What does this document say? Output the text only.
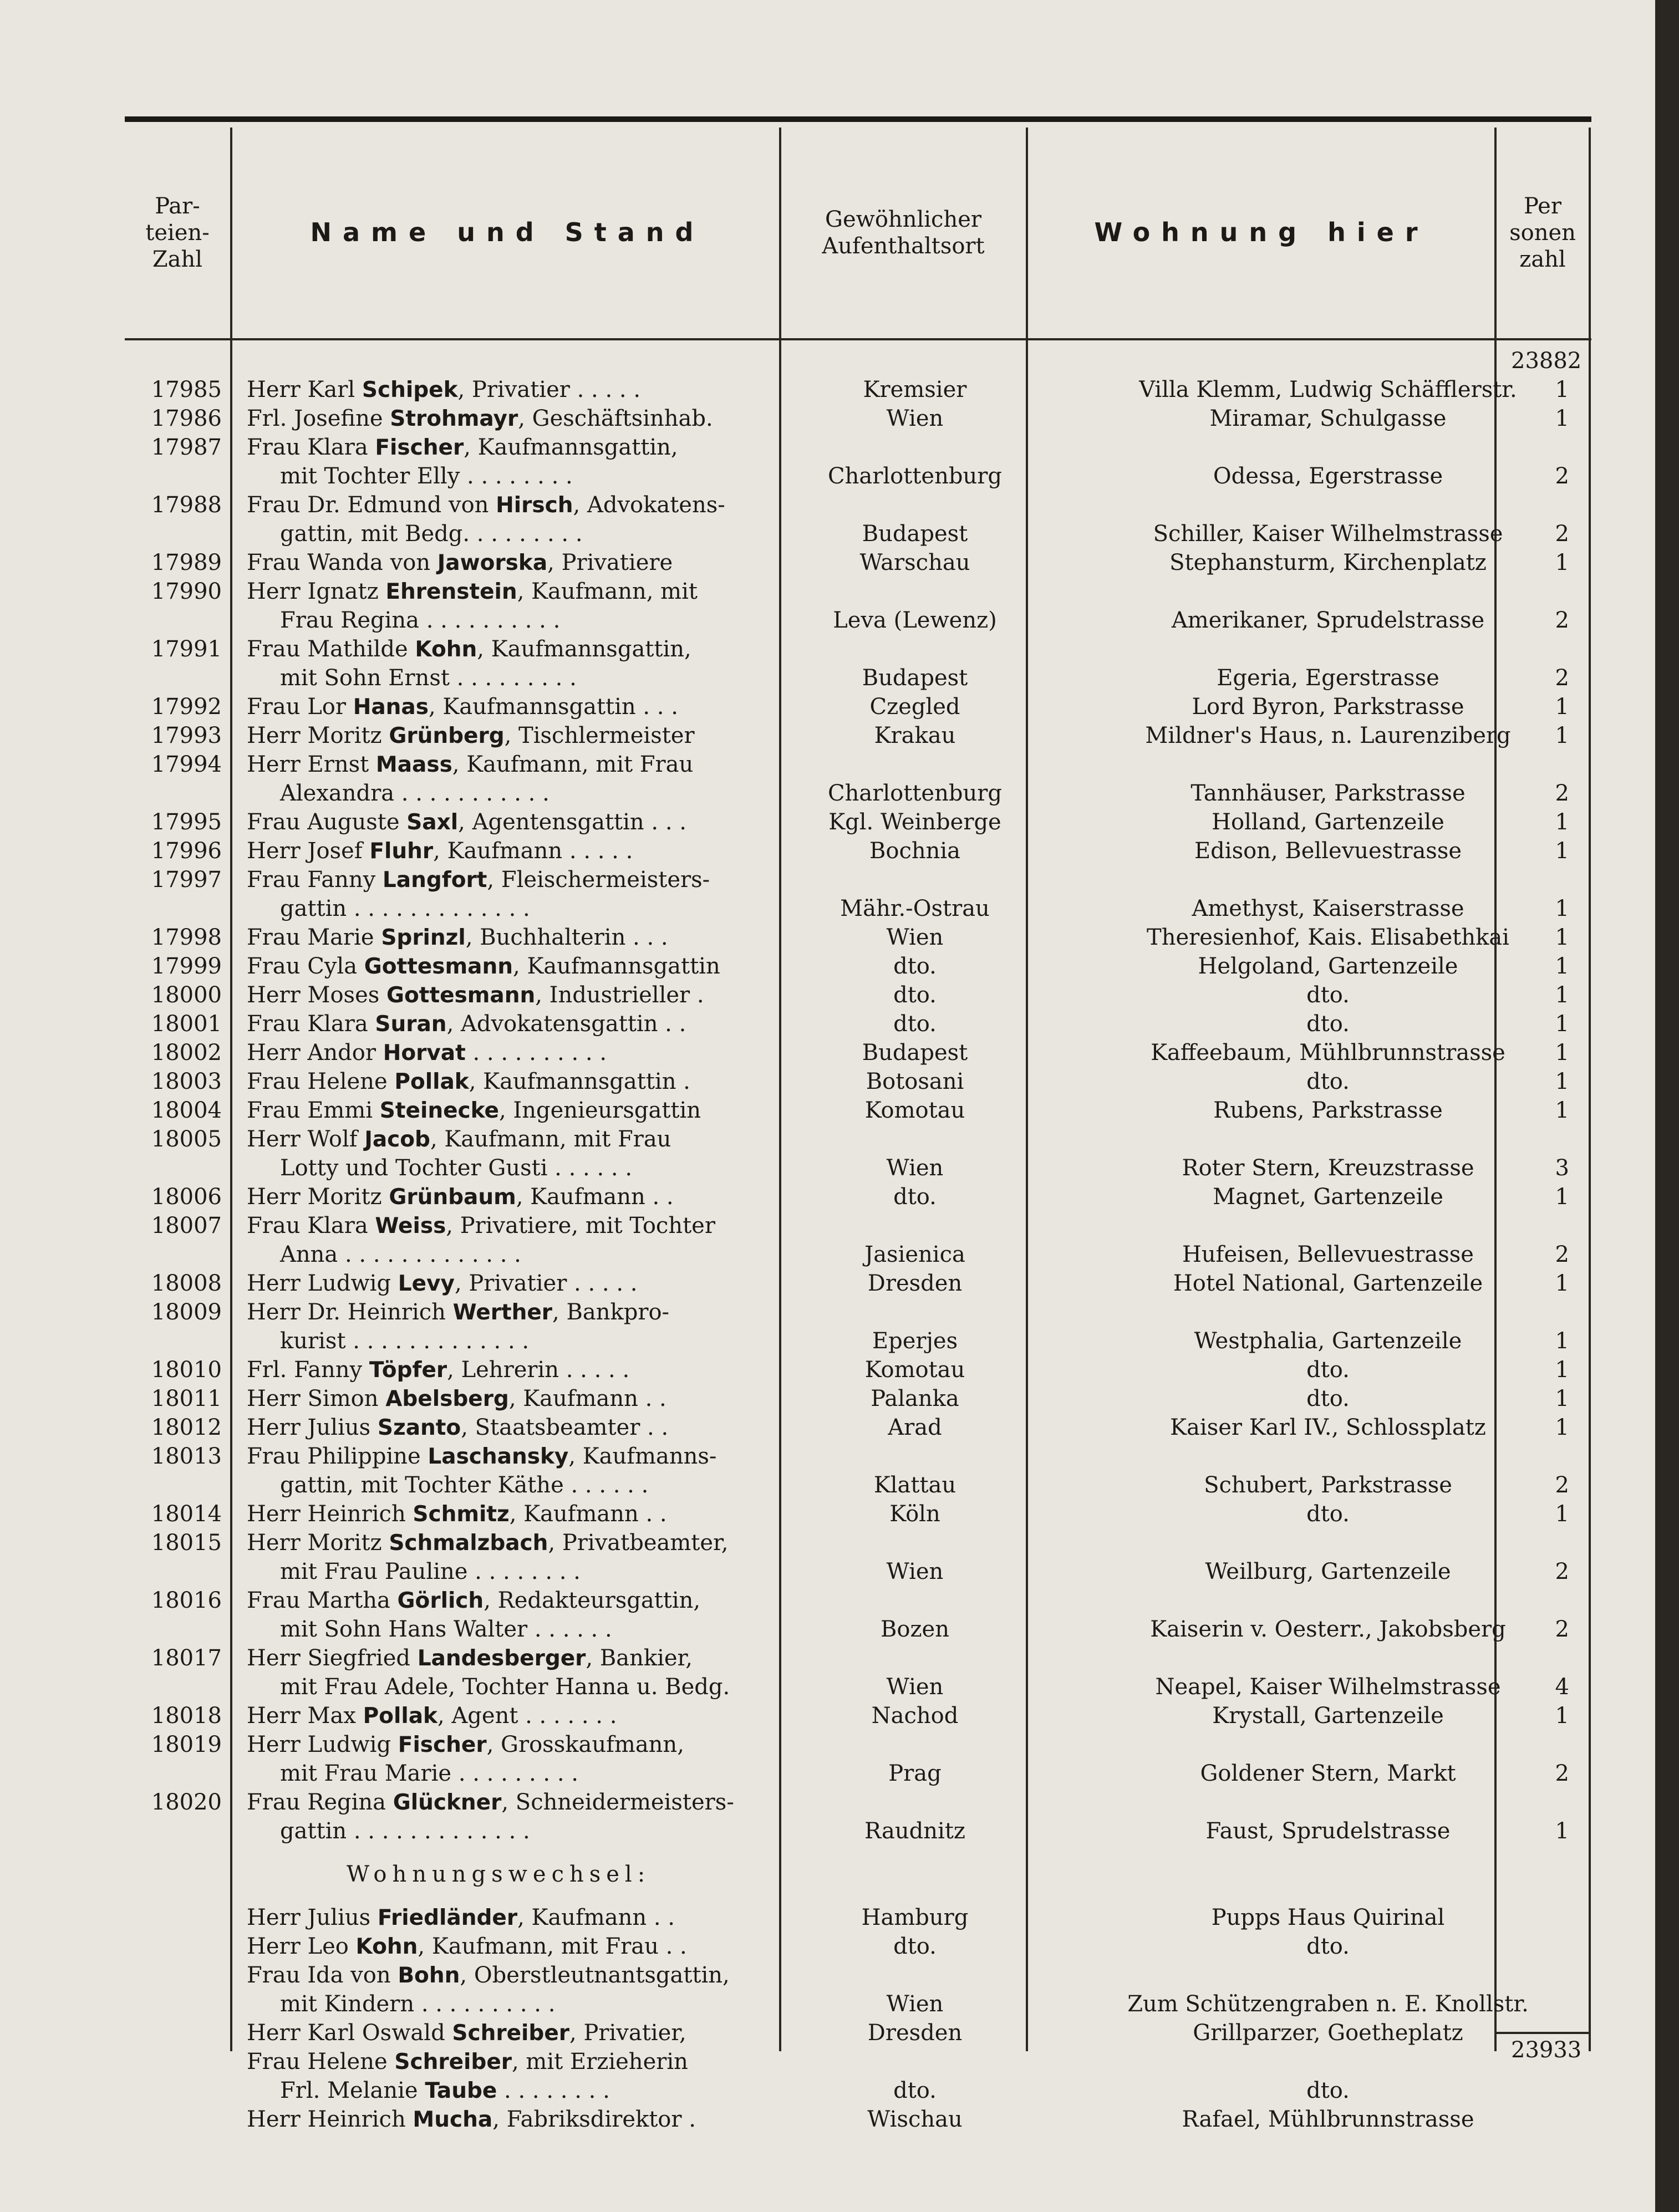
Par-
teien-
Zahl
Name und Stand	Gewöhnlicher
Aufenthaltsort	Wohnung hier
Per
sonen
zahl
23882
17985 Herr Karl Schipek, Privatier . . . . .	Kremsier	Villa Klemm, Ludwig Schäfflerstr.	1
17986 Frl. Josefine Strohmayr, Geschäftsinhab.	Wien	Miramar, Schulgasse	1
17987 Frau Klara Fischer, Kaufmannsgattin,
mit Tochter Elly . . . . . . . .	Charlottenburg	Odessa, Egerstrasse	2
17988 Frau Dr. Edmund von Hirsch, Advokatens-
gattin, mit Bedg. . . . . . . . .	Budapest	Schiller, Kaiser Wilhelmstrasse	2
17989 Frau Wanda von Jaworska, Privatiere	Warschau	Stephansturm, Kirchenplatz	1
17990 Herr Ignatz Ehrenstein, Kaufmann, mit
Frau Regina . . . . . . . . . .	Leva (Lewenz)	Amerikaner, Sprudelstrasse	2
17991 Frau Mathilde Kohn, Kaufmannsgattin,
mit Sohn Ernst . . . . . . . . .	Budapest	Egeria, Egerstrasse	2
17992 Frau Lor Hanas, Kaufmannsgattin . . .	Czegled	Lord Byron, Parkstrasse	1
17993 Herr Moritz Grünberg, Tischlermeister	Krakau	Mildner's Haus, n. Laurenziberg	1
17994 Herr Ernst Maass, Kaufmann, mit Frau
Alexandra . . . . . . . . . . .	Charlottenburg	Tannhäuser, Parkstrasse	2
17995 Frau Auguste Saxl, Agentensgattin . . .	Kgl. Weinberge	Holland, Gartenzeile	1
17996 Herr Josef Fluhr, Kaufmann . . . . .	Bochnia	Edison, Bellevuestrasse	1
17997 Frau Fanny Langfort, Fleischermeisters-
gattin . . . . . . . . . . . . .	Mähr.-Ostrau	Amethyst, Kaiserstrasse	1
17998 Frau Marie Sprinzl, Buchhalterin . . .	Wien	Theresienhof, Kais. Elisabethkai	1
17999 Frau Cyla Gottesmann, Kaufmannsgattin	dto.	Helgoland, Gartenzeile	1
18000 Herr Moses Gottesmann, Industrieller .	dto.	dto.	1
18001 Frau Klara Suran, Advokatensgattin . .	dto.	dto.	1
18002 Herr Andor Horvat . . . . . . . . . .	Budapest	Kaffeebaum, Mühlbrunnstrasse	1
18003 Frau Helene Pollak, Kaufmannsgattin .	Botosani	dto.	1
18004 Frau Emmi Steinecke, Ingenieursgattin	Komotau	Rubens, Parkstrasse	1
18005 Herr Wolf Jacob, Kaufmann, mit Frau
Lotty und Tochter Gusti . . . . . .	Wien	Roter Stern, Kreuzstrasse	3
18006 Herr Moritz Grünbaum, Kaufmann . .	dto.	Magnet, Gartenzeile	1
18007 Frau Klara Weiss, Privatiere, mit Tochter
Anna . . . . . . . . . . . . .	Jasienica	Hufeisen, Bellevuestrasse	2
18008 Herr Ludwig Levy, Privatier . . . . .	Dresden	Hotel National, Gartenzeile	1
18009 Herr Dr. Heinrich Werther, Bankpro-
kurist . . . . . . . . . . . . .	Eperjes	Westphalia, Gartenzeile	1
18010 Frl. Fanny Töpfer, Lehrerin . . . . .	Komotau	dto.	1
18011 Herr Simon Abelsberg, Kaufmann . .	Palanka	dto.	1
18012 Herr Julius Szanto, Staatsbeamter . .	Arad	Kaiser Karl IV., Schlossplatz	1
18013 Frau Philippine Laschansky, Kaufmanns-
gattin, mit Tochter Käthe . . . . . .	Klattau	Schubert, Parkstrasse	2
18014 Herr Heinrich Schmitz, Kaufmann . .	Köln	dto.	1
18015 Herr Moritz Schmalzbach, Privatbeamter,
mit Frau Pauline . . . . . . . .	Wien	Weilburg, Gartenzeile	2
18016 Frau Martha Görlich, Redakteursgattin,
mit Sohn Hans Walter . . . . . .	Bozen	Kaiserin v. Oesterr., Jakobsberg	2
18017 Herr Siegfried Landesberger, Bankier,
mit Frau Adele, Tochter Hanna u. Bedg.	Wien	Neapel, Kaiser Wilhelmstrasse	4
18018 Herr Max Pollak, Agent . . . . . . .	Nachod	Krystall, Gartenzeile	1
18019 Herr Ludwig Fischer, Grosskaufmann,
mit Frau Marie . . . . . . . . .	Prag	Goldener Stern, Markt	2
18020 Frau Regina Glückner, Schneidermeisters-
gattin . . . . . . . . . . . . .	Raudnitz	Faust, Sprudelstrasse	1
Wohnungswechsel:
Herr Julius Friedländer, Kaufmann . .	Hamburg	Pupps Haus Quirinal
Herr Leo Kohn, Kaufmann, mit Frau . .	dto.	dto.
Frau Ida von Bohn, Oberstleutnantsgattin,
mit Kindern . . . . . . . . . .	Wien	Zum Schützengraben n. E. Knollstr.
Herr Karl Oswald Schreiber, Privatier,	Dresden	Grillparzer, Goetheplatz
Frau Helene Schreiber, mit Erzieherin
Frl. Melanie Taube . . . . . . . .	dto.	dto.
Herr Heinrich Mucha, Fabriksdirektor .	Wischau	Rafael, Mühlbrunnstrasse
23933
